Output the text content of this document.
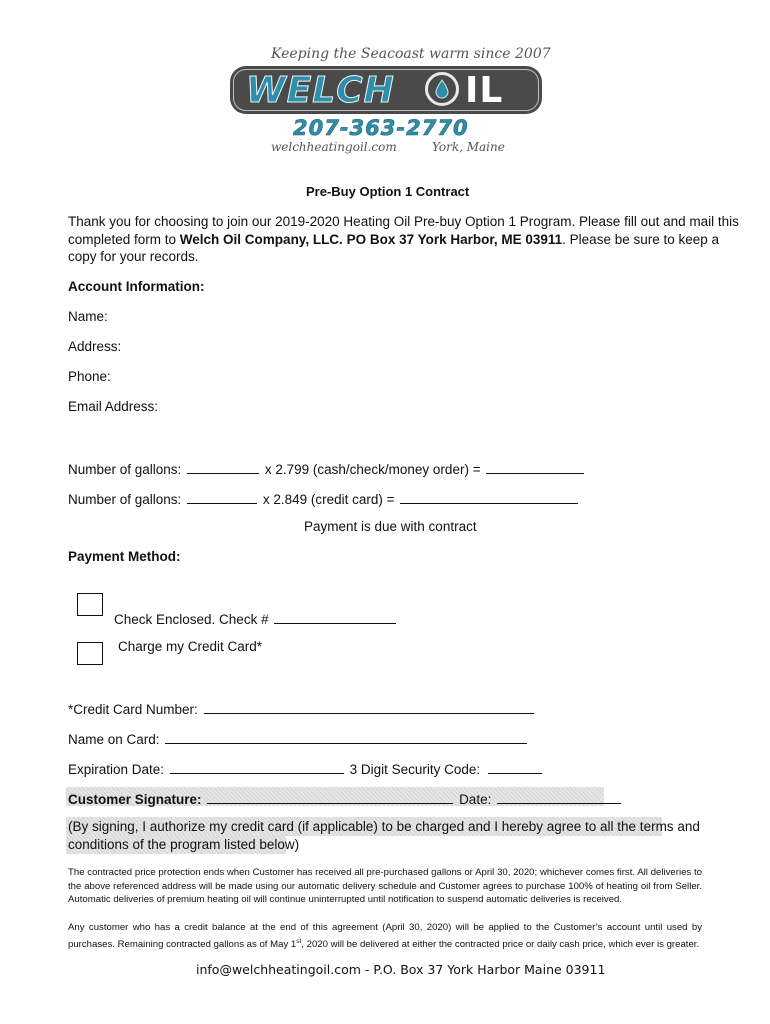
Keeping the Seacoast warm since 2007
WELCH IL
207-363-2770
welchheatingoil.com	York, Maine
Pre-Buy Option 1 Contract
Thank you for choosing to join our 2019-2020 Heating Oil Pre-buy Option 1 Program. Please fill out and mail this
completed form to Welch Oil Company, LLC. PO Box 37 York Harbor, ME 03911. Please be sure to keep a
copy for your records.
Account Information:
Name:
Address:
Phone:
Email Address:
Number of gallons:	x 2.799 (cash/check/money order) =
Number of gallons:	x 2.849 (credit card) =
Payment is due with contract
Payment Method:
Check Enclosed. Check #
Charge my Credit Card*
*Credit Card Number:
Name on Card:
Expiration Date:	3 Digit Security Code:
Customer Signature:	Date:
(By signing, I authorize my credit card (if applicable) to be charged and I hereby agree to all the terms and
conditions of the program listed below)
The contracted price protection ends when Customer has received all pre-purchased gallons or April 30, 2020; whichever comes first. All deliveries to the above referenced address will be made using our automatic delivery schedule and Customer agrees to purchase 100% of heating oil from Seller. Automatic deliveries of premium heating oil will continue uninterrupted until notification to suspend automatic deliveries is received.
Any customer who has a credit balance at the end of this agreement (April 30, 2020) will be applied to the Customer’s account until used by purchases. Remaining contracted gallons as of May 1st, 2020 will be delivered at either the contracted price or daily cash price, which ever is greater.
info@welchheatingoil.com - P.O. Box 37 York Harbor Maine 03911
